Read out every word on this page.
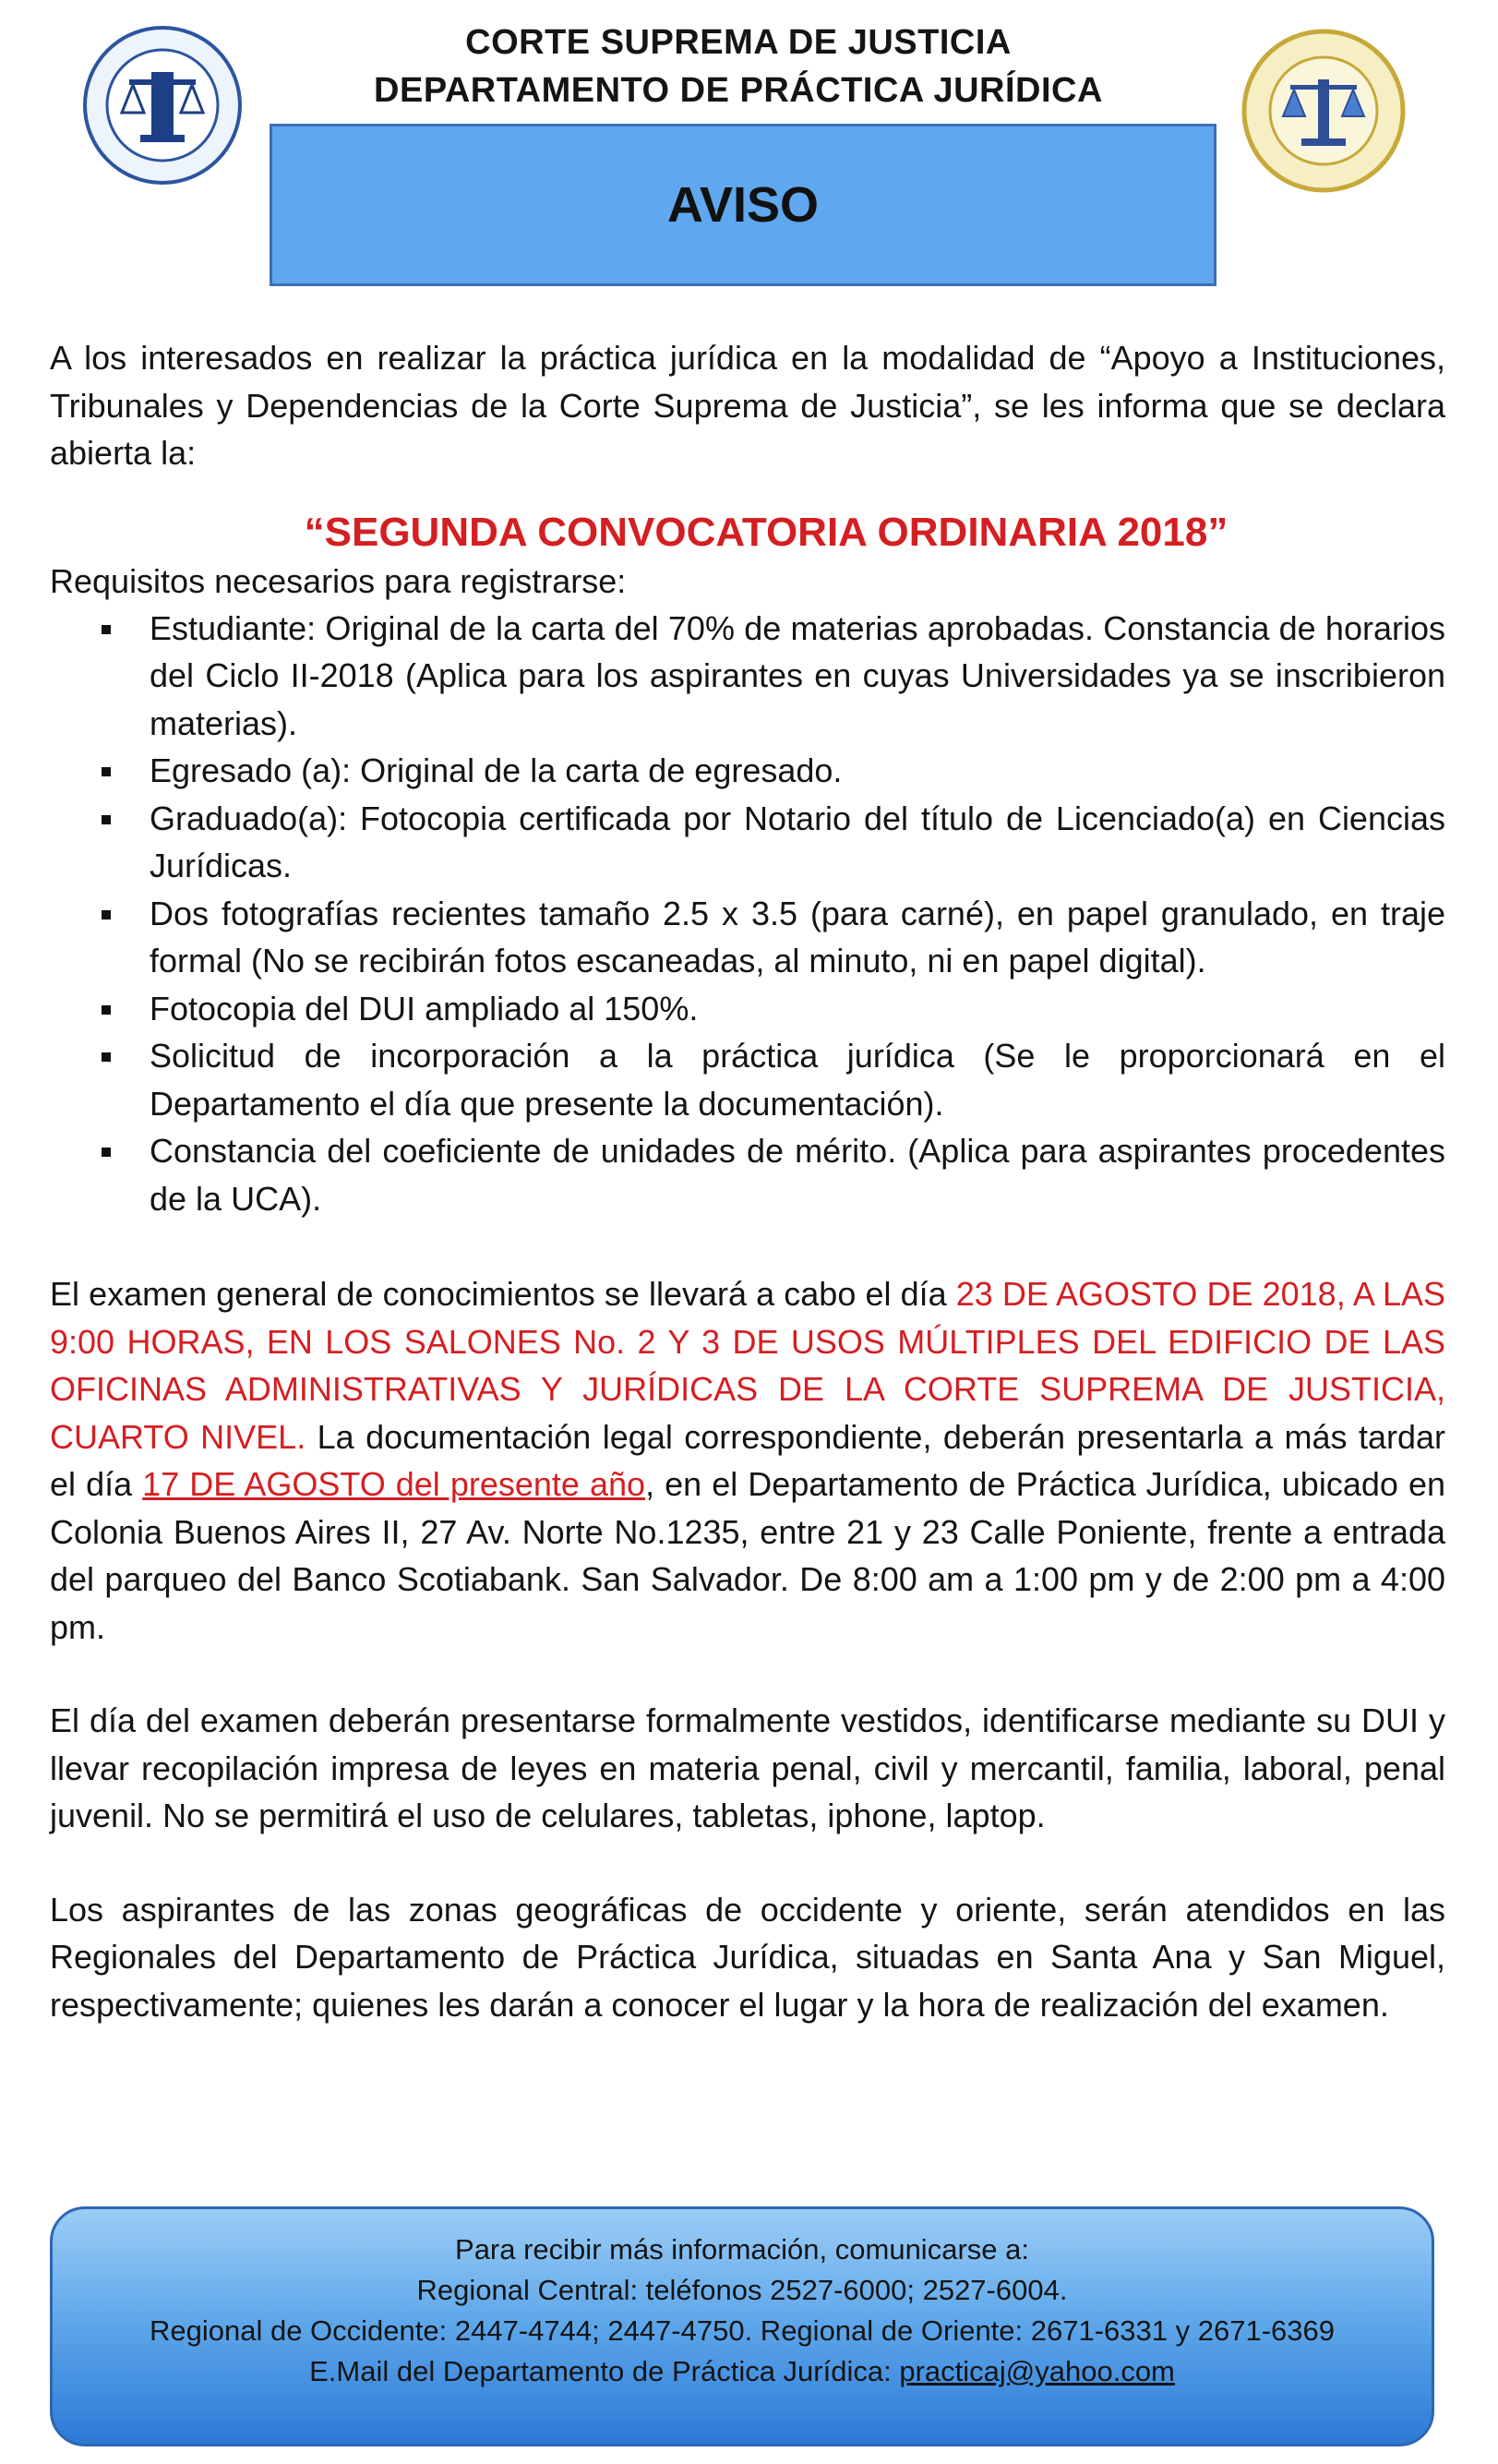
CORTE SUPREMA DE JUSTICIA
DEPARTAMENTO DE PRÁCTICA JURÍDICA
AVISO

A los interesados en realizar la práctica jurídica en la modalidad de “Apoyo a Instituciones, Tribunales y Dependencias de la Corte Suprema de Justicia”, se les informa que se declara abierta la:

“SEGUNDA CONVOCATORIA ORDINARIA 2018”
Requisitos necesarios para registrarse:
Estudiante: Original de la carta del 70% de materias aprobadas. Constancia de horarios del Ciclo II-2018 (Aplica para los aspirantes en cuyas Universidades ya se inscribieron materias).
Egresado (a): Original de la carta de egresado.
Graduado(a): Fotocopia certificada por Notario del título de Licenciado(a) en Ciencias Jurídicas.
Dos fotografías recientes tamaño 2.5 x 3.5 (para carné), en papel granulado, en traje formal (No se recibirán fotos escaneadas, al minuto, ni en papel digital).
Fotocopia del DUI ampliado al 150%.
Solicitud de incorporación a la práctica jurídica (Se le proporcionará en el Departamento el día que presente la documentación).
Constancia del coeficiente de unidades de mérito. (Aplica para aspirantes procedentes de la UCA).

El examen general de conocimientos se llevará a cabo el día 23 DE AGOSTO DE 2018, A LAS 9:00 HORAS, EN LOS SALONES No. 2 Y 3 DE USOS MÚLTIPLES DEL EDIFICIO DE LAS OFICINAS ADMINISTRATIVAS Y JURÍDICAS DE LA CORTE SUPREMA DE JUSTICIA, CUARTO NIVEL. La documentación legal correspondiente, deberán presentarla a más tardar el día 17 DE AGOSTO del presente año, en el Departamento de Práctica Jurídica, ubicado en Colonia Buenos Aires II, 27 Av. Norte No.1235, entre 21 y 23 Calle Poniente, frente a entrada del parqueo del Banco Scotiabank. San Salvador. De 8:00 am a 1:00 pm y de 2:00 pm a 4:00 pm.

El día del examen deberán presentarse formalmente vestidos, identificarse mediante su DUI y llevar recopilación impresa de leyes en materia penal, civil y mercantil, familia, laboral, penal juvenil. No se permitirá el uso de celulares, tabletas, iphone, laptop.

Los aspirantes de las zonas geográficas de occidente y oriente, serán atendidos en las Regionales del Departamento de Práctica Jurídica, situadas en Santa Ana y San Miguel, respectivamente; quienes les darán a conocer el lugar y la hora de realización del examen.

Para recibir más información, comunicarse a:
Regional Central: teléfonos 2527-6000; 2527-6004.
Regional de Occidente: 2447-4744; 2447-4750. Regional de Oriente: 2671-6331 y 2671-6369
E.Mail del Departamento de Práctica Jurídica: practicaj@yahoo.com
